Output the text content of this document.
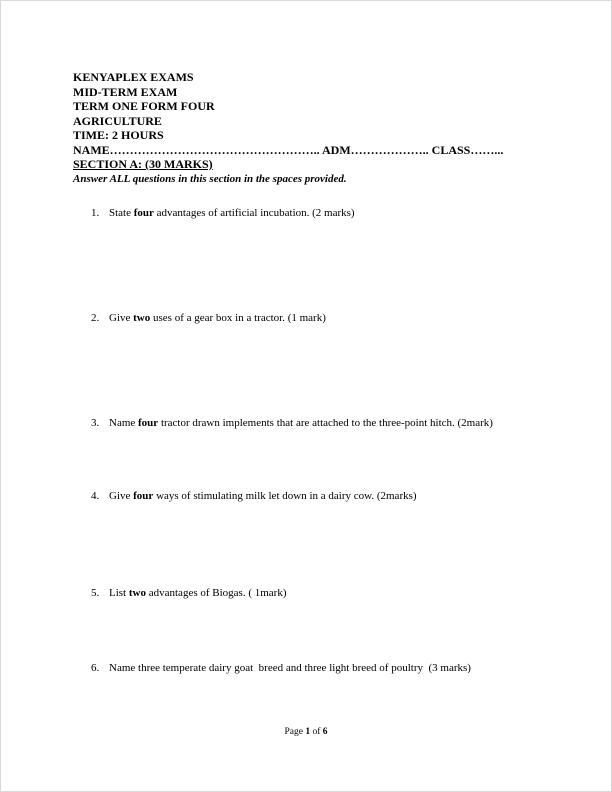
KENYAPLEX EXAMS
MID-TERM EXAM
TERM ONE FORM FOUR
AGRICULTURE
TIME: 2 HOURS
NAME…………………………………………….. ADM……………….. CLASS……...
SECTION A: (30 MARKS)
Answer ALL questions in this section in the spaces provided.
1. State four advantages of artificial incubation. (2 marks)
2. Give two uses of a gear box in a tractor. (1 mark)
3. Name four tractor drawn implements that are attached to the three-point hitch. (2mark)
4. Give four ways of stimulating milk let down in a dairy cow. (2marks)
5. List two advantages of Biogas. ( 1mark)
6. Name three temperate dairy goat  breed and three light breed of poultry  (3 marks)
Page 1 of 6
